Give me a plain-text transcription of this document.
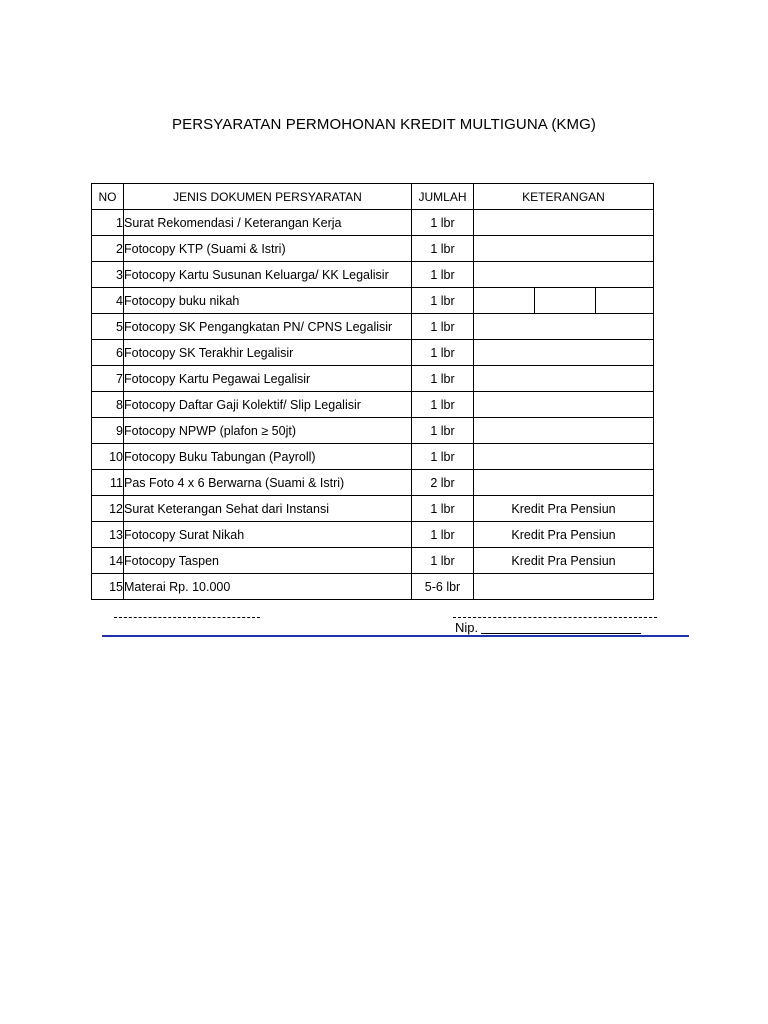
PERSYARATAN PERMOHONAN KREDIT MULTIGUNA (KMG)
NO	JENIS DOKUMEN PERSYARATAN	JUMLAH	KETERANGAN
1	Surat Rekomendasi / Keterangan Kerja	1 lbr	
2	Fotocopy KTP (Suami & Istri)	1 lbr	
3	Fotocopy Kartu Susunan Keluarga/ KK Legalisir	1 lbr	
4	Fotocopy buku nikah	1 lbr	

5	Fotocopy SK Pengangkatan PN/ CPNS Legalisir	1 lbr	
6	Fotocopy SK Terakhir Legalisir	1 lbr	
7	Fotocopy Kartu Pegawai Legalisir	1 lbr	
8	Fotocopy Daftar Gaji Kolektif/ Slip Legalisir	1 lbr	
9	Fotocopy NPWP (plafon ≥ 50jt)	1 lbr	
10	Fotocopy Buku Tabungan (Payroll)	1 lbr	
11	Pas Foto 4 x 6 Berwarna (Suami & Istri)	2 lbr	
12	Surat Keterangan Sehat dari Instansi	1 lbr	Kredit Pra Pensiun
13	Fotocopy Surat Nikah	1 lbr	Kredit Pra Pensiun
14	Fotocopy Taspen	1 lbr	Kredit Pra Pensiun
15	Materai Rp. 10.000	5-6 lbr	
Nip.
